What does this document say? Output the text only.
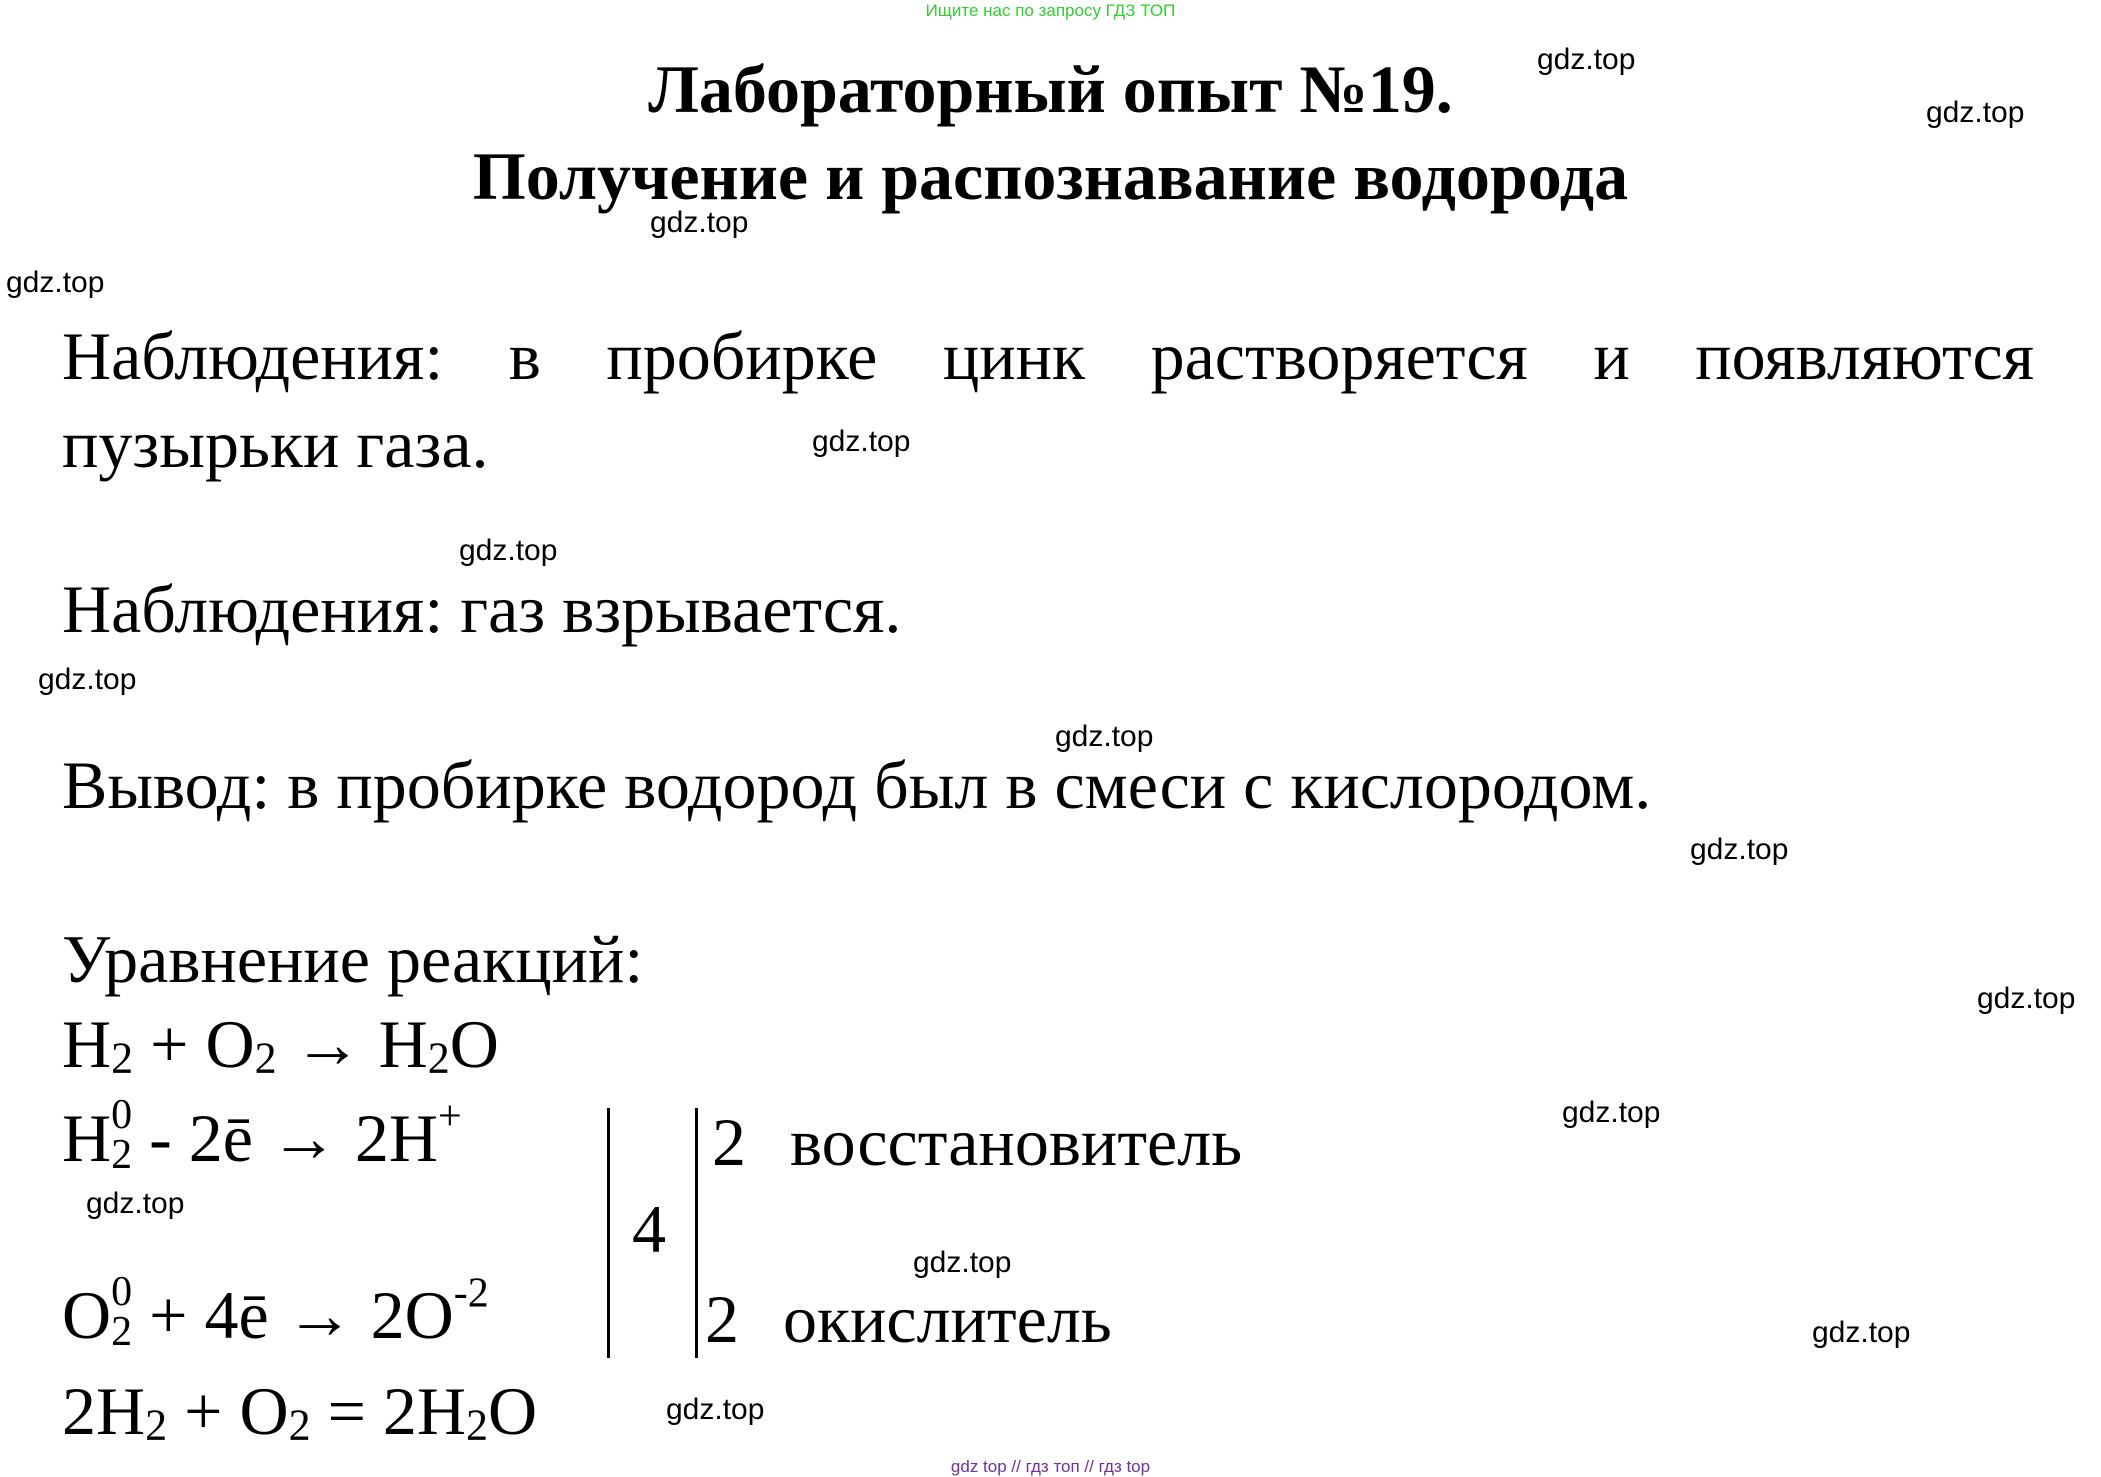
Ищите нас по запросу ГДЗ ТОП
Лабораторный опыт №19.
Получение и распознавание водорода
Наблюдения: в пробирке цинк растворяется и появляются пузырьки газа.
Наблюдения: газ взрывается.
Вывод: в пробирке водород был в смеси с кислородом.
Уравнение реакций:
$H_2 + O_2 \to H_2O$
H 0
2 - 2ē → 2H+
O 0
2 + 4ē → $2O^{-2}$
4
2 восстановитель
2 окислитель
$2H_2 + O_2 = 2H_2O$
gdz.top
gdz.top
gdz.top
gdz.top
gdz.top
gdz.top
gdz.top
gdz.top
gdz.top
gdz.top
gdz.top
gdz.top
gdz.top
gdz.top
gdz.top
gdz top // гдз топ // гдз top
